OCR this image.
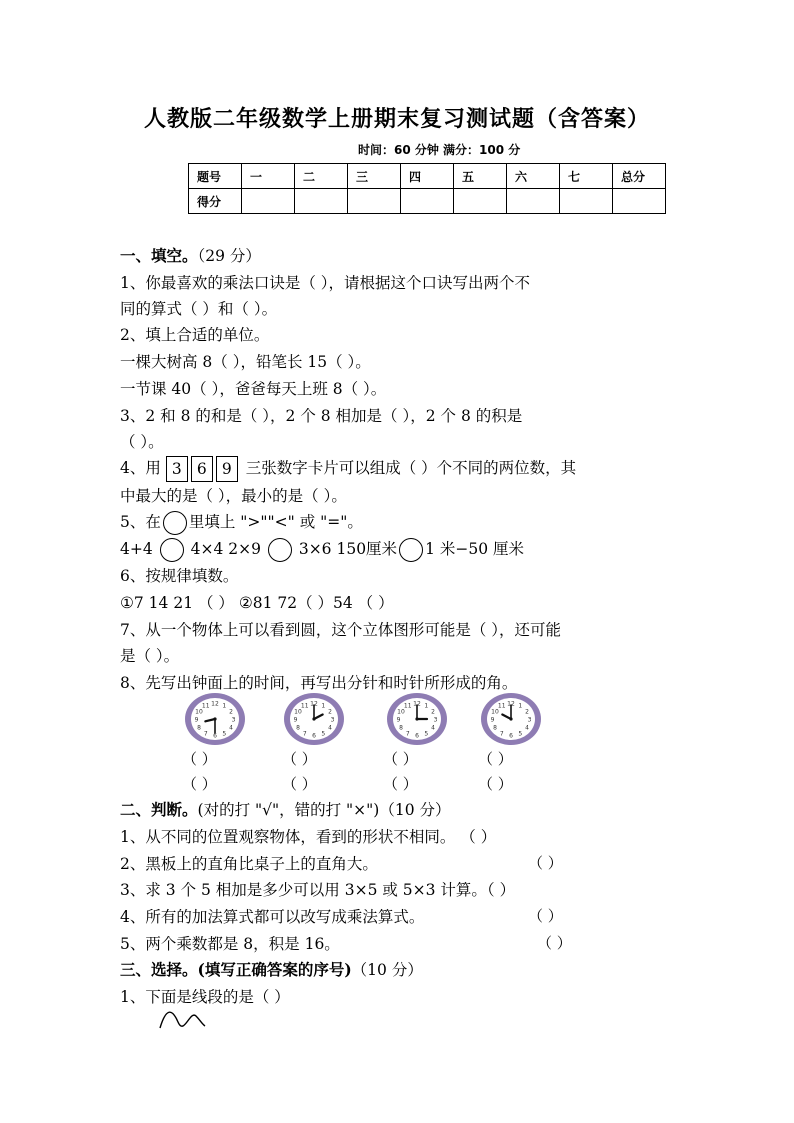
人教版二年级数学上册期末复习测试题（含答案）
时间：60 分钟 满分：100 分
题号	一	二	三	四	五	六	七	总分
得分								
一、填空。（29 分）
1、你最喜欢的乘法口诀是（ ），请根据这个口诀写出两个不
同的算式（ ）和（ ）。
2、填上合适的单位。
一棵大树高 8（ ），铅笔长 15（ ）。
一节课 40（ ），爸爸每天上班 8（ ）。
3、2 和 8 的和是（ ），2 个 8 相加是（ ），2 个 8 的积是
（ ）。
4、用 3 6 9 三张数字卡片可以组成（ ）个不同的两位数，其
中最大的是（ ），最小的是（ ）。
5、在 里填上 ">""<" 或 "="。
4+4 4×4 2×9 3×6 150厘米 1 米−50 厘米
6、按规律填数。
①7 14 21 （ ） ②81 72（ ）54 （ ）
7、从一个物体上可以看到圆，这个立体图形可能是（ ），还可能
是（ ）。
8、先写出钟面上的时间，再写出分针和时针所形成的角。
1
2
3
4
5
6
7
8
9
10
11 12	1
2
3
4
5
6
7
8
9
10
11 12	1
2
3
4
5
6
7
8
9
10
11 12	1
2
3
4
5
6
7
8
9
10
11 12
（ ）	（ ）	（ ）	（ ）
（ ）	（ ）	（ ）	（ ）
二、判断。(对的打 "√"，错的打 "×")（10 分）
1、从不同的位置观察物体，看到的形状不相同。 （ ）
2、黑板上的直角比桌子上的直角大。	（ ）
3、求 3 个 5 相加是多少可以用 3×5 或 5×3 计算。（ ）
4、所有的加法算式都可以改写成乘法算式。	（ ）
5、两个乘数都是 8，积是 16。	（ ）
三、选择。(填写正确答案的序号)（10 分）
1、下面是线段的是（ ）
